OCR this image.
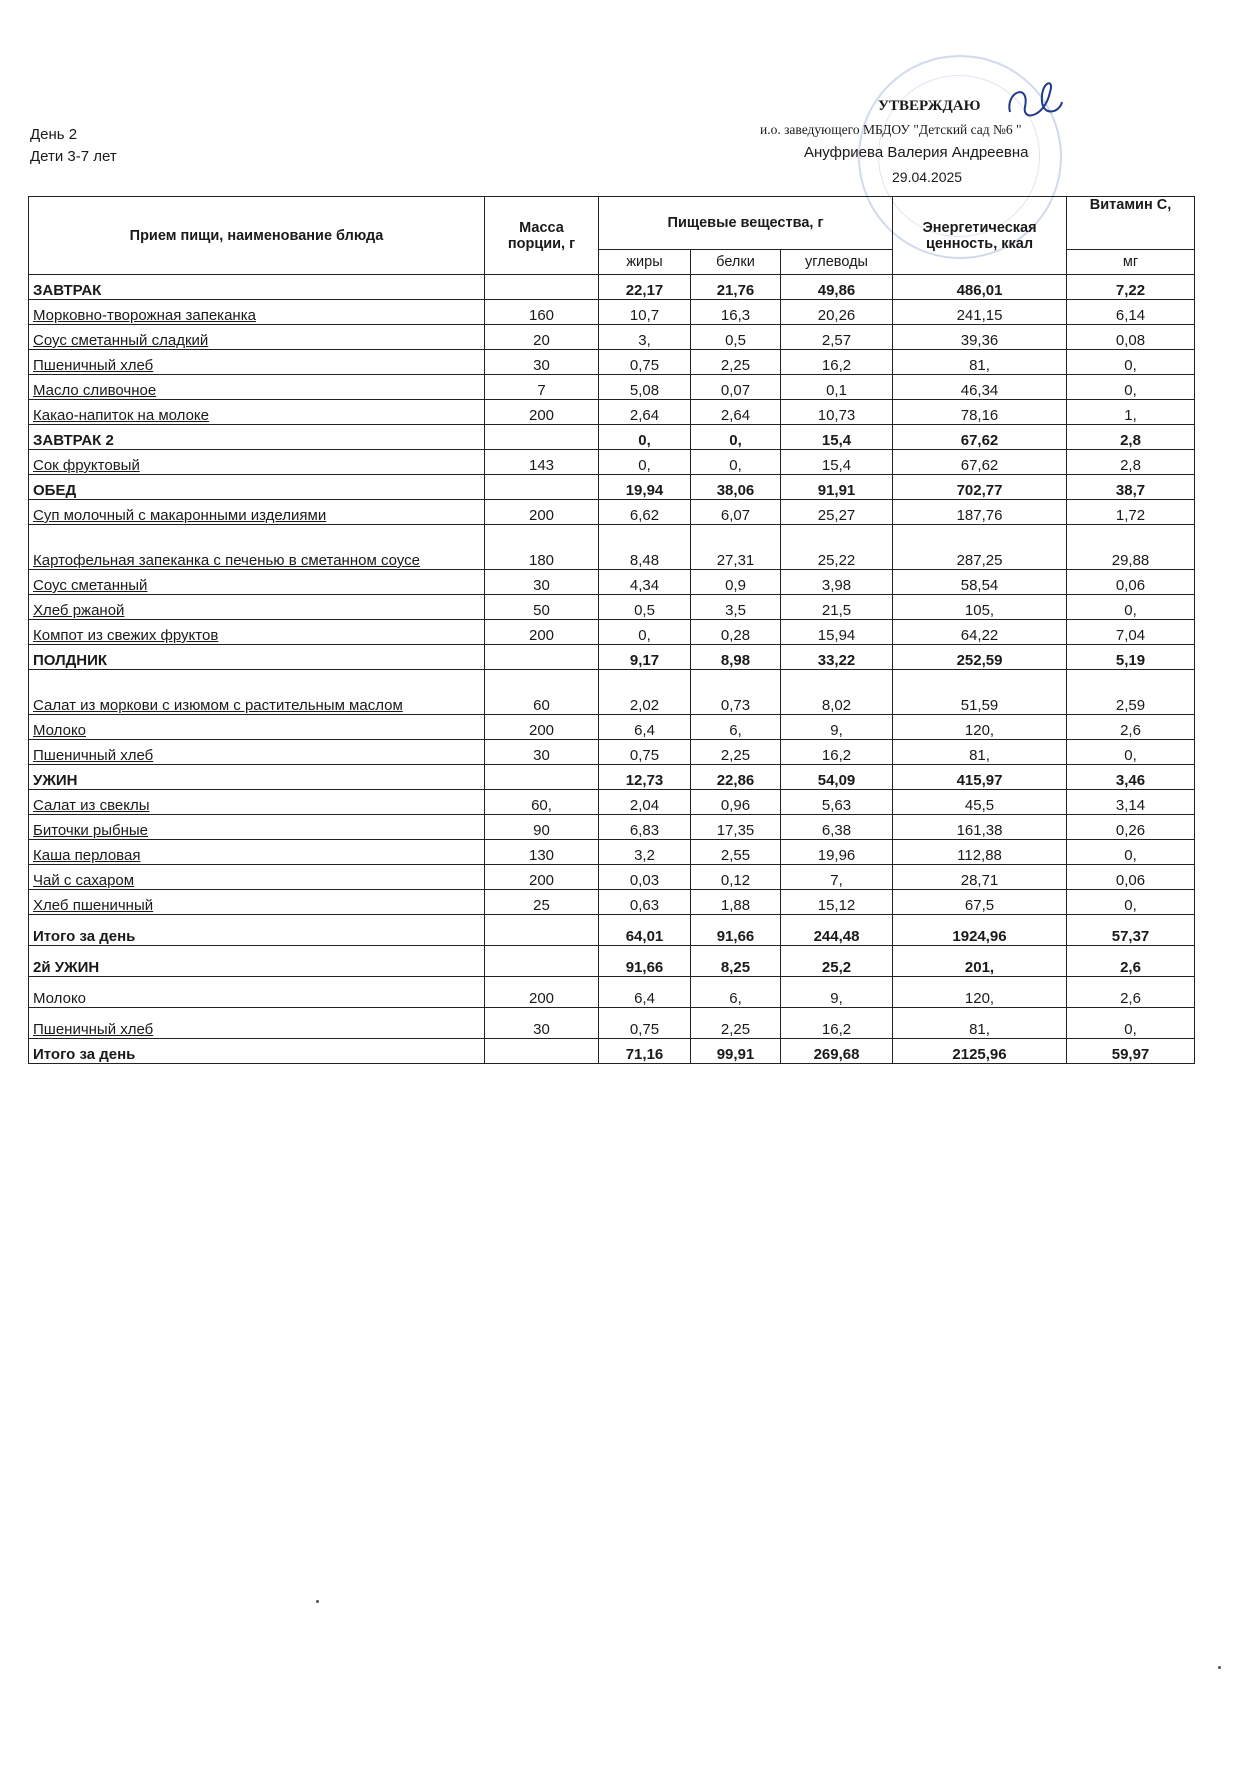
День 2
Дети 3-7 лет
УТВЕРЖДАЮ
и.о. заведующего МБДОУ "Детский сад №6 "
Ануфриева Валерия Андреевна
29.04.2025
Прием пищи, наименование блюда	Масса порции, г	Пищевые вещества, г			Энергетическая ценность, ккал	Витамин С,
		жиры	белки	углеводы		мг
ЗАВТРАК		22,17	21,76	49,86	486,01	7,22
Морковно-творожная запеканка	160	10,7	16,3	20,26	241,15	6,14
Соус сметанный сладкий	20	3,	0,5	2,57	39,36	0,08
Пшеничный хлеб	30	0,75	2,25	16,2	81,	0,
Масло сливочное	7	5,08	0,07	0,1	46,34	0,
Какао-напиток на молоке	200	2,64	2,64	10,73	78,16	1,
ЗАВТРАК 2		0,	0,	15,4	67,62	2,8
Сок фруктовый	143	0,	0,	15,4	67,62	2,8
ОБЕД		19,94	38,06	91,91	702,77	38,7
Суп молочный с макаронными изделиями	200	6,62	6,07	25,27	187,76	1,72
Картофельная запеканка с печенью в сметанном соусе	180	8,48	27,31	25,22	287,25	29,88
Соус сметанный	30	4,34	0,9	3,98	58,54	0,06
Хлеб ржаной	50	0,5	3,5	21,5	105,	0,
Компот из свежих фруктов	200	0,	0,28	15,94	64,22	7,04
ПОЛДНИК		9,17	8,98	33,22	252,59	5,19
Салат из моркови с изюмом с растительным маслом	60	2,02	0,73	8,02	51,59	2,59
Молоко	200	6,4	6,	9,	120,	2,6
Пшеничный хлеб	30	0,75	2,25	16,2	81,	0,
УЖИН		12,73	22,86	54,09	415,97	3,46
Салат из свеклы	60,	2,04	0,96	5,63	45,5	3,14
Биточки рыбные	90	6,83	17,35	6,38	161,38	0,26
Каша перловая	130	3,2	2,55	19,96	112,88	0,
Чай с сахаром	200	0,03	0,12	7,	28,71	0,06
Хлеб пшеничный	25	0,63	1,88	15,12	67,5	0,
Итого за день		64,01	91,66	244,48	1924,96	57,37
2й УЖИН		91,66	8,25	25,2	201,	2,6
Молоко	200	6,4	6,	9,	120,	2,6
Пшеничный хлеб	30	0,75	2,25	16,2	81,	0,
Итого за день		71,16	99,91	269,68	2125,96	59,97
